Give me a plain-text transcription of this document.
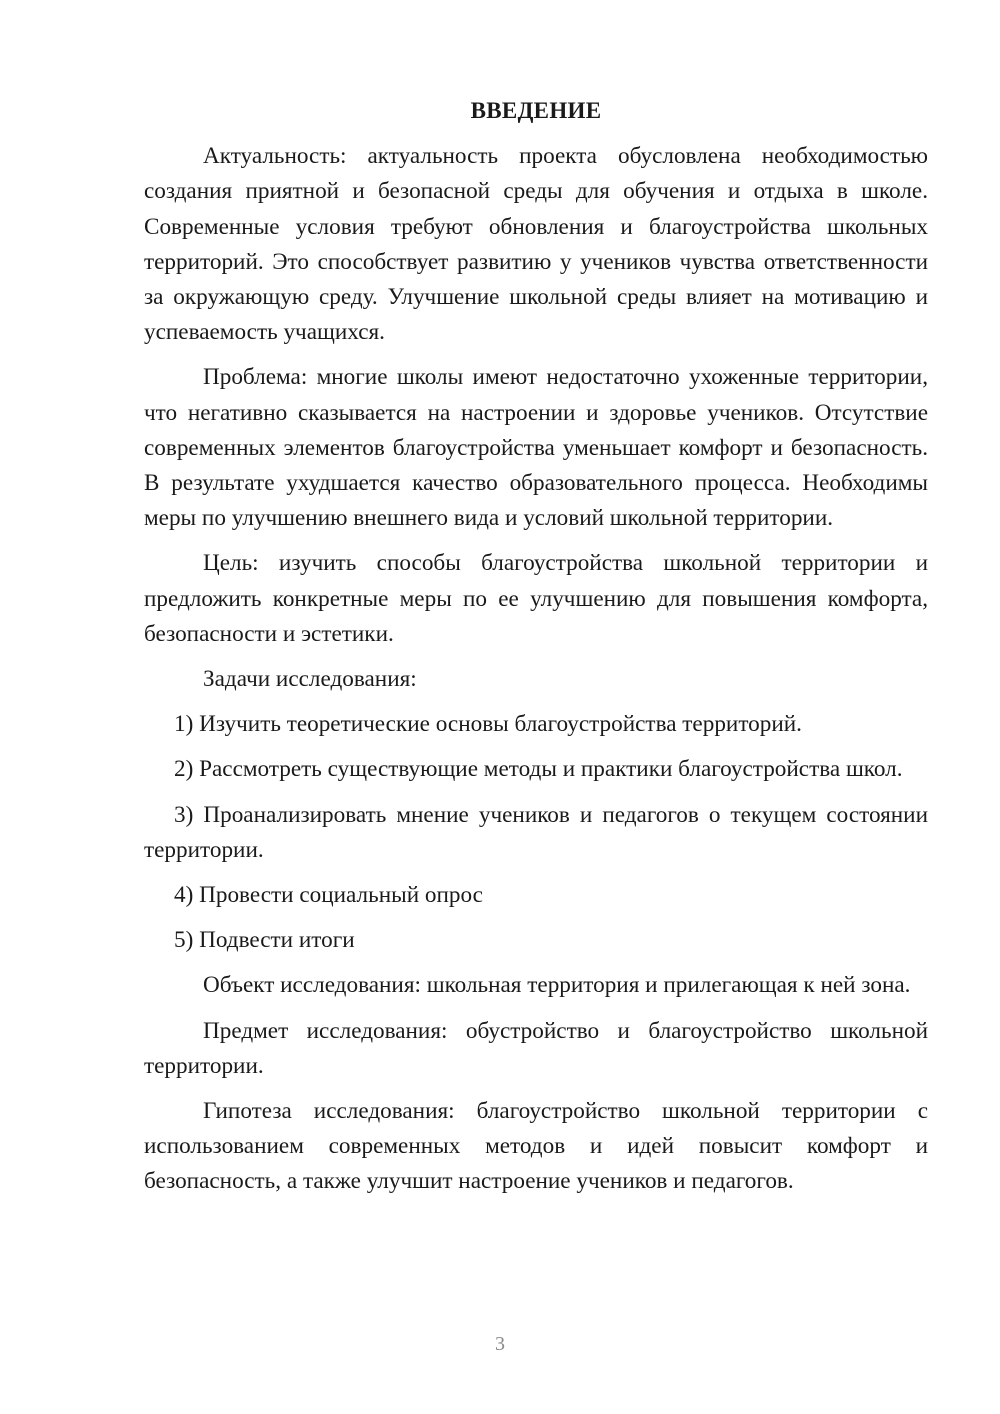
ВВЕДЕНИЕ

Актуальность: актуальность проекта обусловлена необходимостью создания приятной и безопасной среды для обучения и отдыха в школе. Современные условия требуют обновления и благоустройства школьных территорий. Это способствует развитию у учеников чувства ответственности за окружающую среду. Улучшение школьной среды влияет на мотивацию и успеваемость учащихся.

Проблема: многие школы имеют недостаточно ухоженные территории, что негативно сказывается на настроении и здоровье учеников. Отсутствие современных элементов благоустройства уменьшает комфорт и безопасность. В результате ухудшается качество образовательного процесса. Необходимы меры по улучшению внешнего вида и условий школьной территории.

Цель: изучить способы благоустройства школьной территории и предложить конкретные меры по ее улучшению для повышения комфорта, безопасности и эстетики.

Задачи исследования:

1) Изучить теоретические основы благоустройства территорий.

2) Рассмотреть существующие методы и практики благоустройства школ.

3) Проанализировать мнение учеников и педагогов о текущем состоянии территории.

4) Провести социальный опрос

5) Подвести итоги

Объект исследования: школьная территория и прилегающая к ней зона.

Предмет исследования: обустройство и благоустройство школьной территории.

Гипотеза исследования: благоустройство школьной территории с использованием современных методов и идей повысит комфорт и безопасность, а также улучшит настроение учеников и педагогов.

3
